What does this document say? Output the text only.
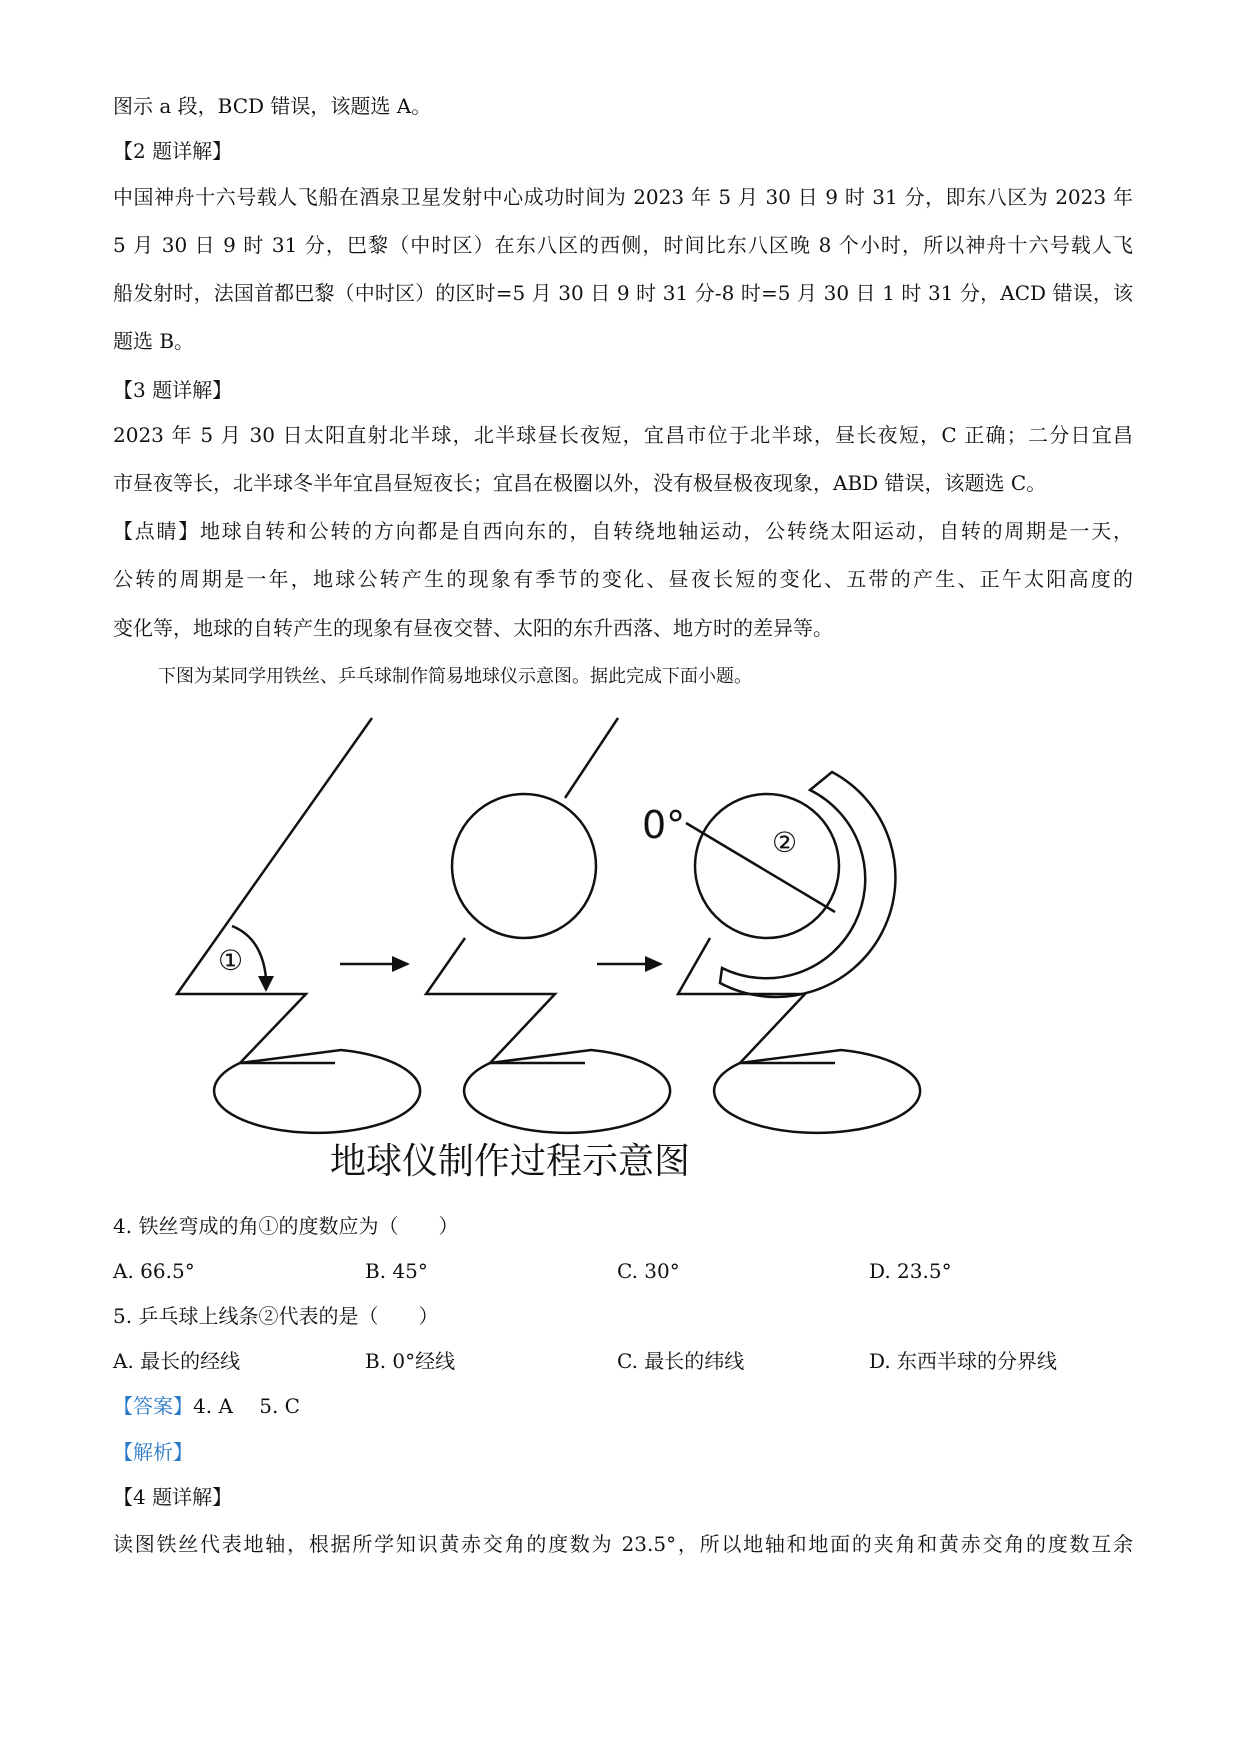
图示 a 段，BCD 错误，该题选 A。
【2 题详解】
中国神舟十六号载人飞船在酒泉卫星发射中心成功时间为 2023 年 5 月 30 日 9 时 31 分，即东八区为 2023 年
5 月 30 日 9 时 31 分，巴黎（中时区）在东八区的西侧，时间比东八区晚 8 个小时，所以神舟十六号载人飞
船发射时，法国首都巴黎（中时区）的区时=5 月 30 日 9 时 31 分-8 时=5 月 30 日 1 时 31 分，ACD 错误，该
题选 B。
【3 题详解】
2023 年 5 月 30 日太阳直射北半球，北半球昼长夜短，宜昌市位于北半球，昼长夜短，C 正确；二分日宜昌
市昼夜等长，北半球冬半年宜昌昼短夜长；宜昌在极圈以外，没有极昼极夜现象，ABD 错误，该题选 C。
【点睛】地球自转和公转的方向都是自西向东的，自转绕地轴运动，公转绕太阳运动，自转的周期是一天，
公转的周期是一年，地球公转产生的现象有季节的变化、昼夜长短的变化、五带的产生、正午太阳高度的
变化等，地球的自转产生的现象有昼夜交替、太阳的东升西落、地方时的差异等。
下图为某同学用铁丝、乒乓球制作简易地球仪示意图。据此完成下面小题。
①
②
0°
地球仪制作过程示意图
4. 铁丝弯成的角①的度数应为（　　）
A. 66.5°	B. 45°	C. 30°	D. 23.5°
5. 乒乓球上线条②代表的是（　　）
A. 最长的经线	B. 0°经线	C. 最长的纬线	D. 东西半球的分界线
【答案】4. A　 5. C
【解析】
【4 题详解】
读图铁丝代表地轴，根据所学知识黄赤交角的度数为 23.5°，所以地轴和地面的夹角和黄赤交角的度数互余
